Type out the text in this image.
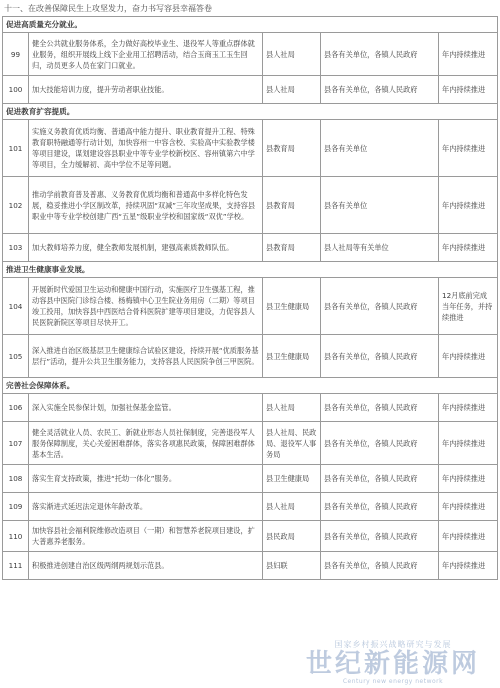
十一、在改善保障民生上攻坚发力，奋力书写容县幸福答卷
促进高质量充分就业。				
99	健全公共就业服务体系，全力做好高校毕业生、退役军人等重点群体就业服务，组织开展线上线下企业用工招聘活动，结合玉商玉工玉生回归，动员更多人员在家门口就业。	县人社局	县各有关单位，各镇人民政府	年内持续推进
100	加大技能培训力度，提升劳动者职业技能。	县人社局	县各有关单位，各镇人民政府	年内持续推进
促进教育扩容提质。				
101	实施义务教育优质均衡、普通高中能力提升、职业教育提升工程、特殊教育职特融通等行动计划，加快容州一中容含校、实验高中实验教学楼等项目建设，谋划建设容县职业中等专业学校新校区、容州镇第六中学等项目，全力缓解初、高中学位不足等问题。	县教育局	县各有关单位	年内持续推进
102	推动学前教育普及普惠、义务教育优质均衡和普通高中多样化特色发展，稳妥推进小学区制改革，持续巩固“双减”三年攻坚成果，支持容县职业中等专业学校创建广西“五星”级职业学校和国家级“双优”学校。	县教育局	县各有关单位	年内持续推进
103	加大教师培养力度，健全教师发展机制，建强高素质教师队伍。	县教育局	县人社局等有关单位	年内持续推进
推进卫生健康事业发展。				
104	开展新时代爱国卫生运动和健康中国行动，实施医疗卫生强基工程，推动容县中医院门诊综合楼、杨梅镇中心卫生院业务用房（二期）等项目竣工投用，加快容县中西医结合骨科医院扩建等项目建设，力促容县人民医院新院区等项目尽快开工。	县卫生健康局	县各有关单位，各镇人民政府	12月底前完成当年任务，并持续推进
105	深入推进自治区级基层卫生健康综合试验区建设，持续开展“优质服务基层行”活动，提升公共卫生服务能力，支持容县人民医院争创三甲医院。	县卫生健康局	县各有关单位，各镇人民政府	年内持续推进
完善社会保障体系。				
106	深入实施全民参保计划，加强社保基金监管。	县人社局	县各有关单位，各镇人民政府	年内持续推进
107	健全灵活就业人员、农民工、新就业形态人员社保制度，完善退役军人服务保障制度，关心关爱困难群体，落实各项惠民政策，保障困难群体基本生活。	县人社局、民政局、退役军人事务局	县各有关单位，各镇人民政府	年内持续推进
108	落实生育支持政策，推进“托幼一体化”服务。	县卫生健康局	县各有关单位，各镇人民政府	年内持续推进
109	落实渐进式延迟法定退休年龄改革。	县人社局	县各有关单位，各镇人民政府	年内持续推进
110	加快容县社会福利院维修改造项目（一期）和智慧养老院项目建设，扩大普惠养老服务。	县民政局	县各有关单位，各镇人民政府	年内持续推进
111	积极推进创建自治区级两纲两规划示范县。	县妇联	县各有关单位，各镇人民政府	年内持续推进
国家乡村振兴战略研究与发展
世纪新能源网
Century new energy network
